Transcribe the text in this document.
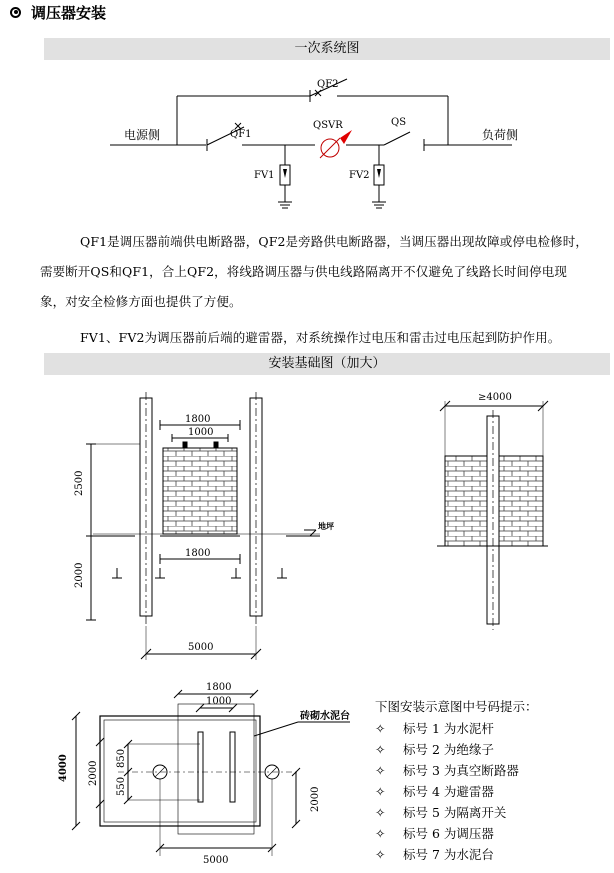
调压器安装
一次系统图
电源侧	负荷侧
QF1
QF2
QSVR	QS
FV1	FV2
QF1是调压器前端供电断路器，QF2是旁路供电断路器，当调压器出现故障或停电检修时，
需要断开QS和QF1，合上QF2，将线路调压器与供电线路隔离开不仅避免了线路长时间停电现
象，对安全检修方面也提供了方便。
FV1、FV2为调压器前后端的避雷器，对系统操作过电压和雷击过电压起到防护作用。
安装基础图（加大）
1800
1000
1800
5000
2500
2000
地坪
≥4000
1800
1000
5000
4000 2000
850
550
2000
砖砌水泥台
下图安装示意图中号码提示：
✧ 标号 1 为水泥杆
✧ 标号 2 为绝缘子
✧ 标号 3 为真空断路器
✧ 标号 4 为避雷器
✧ 标号 5 为隔离开关
✧ 标号 6 为调压器
✧ 标号 7 为水泥台
